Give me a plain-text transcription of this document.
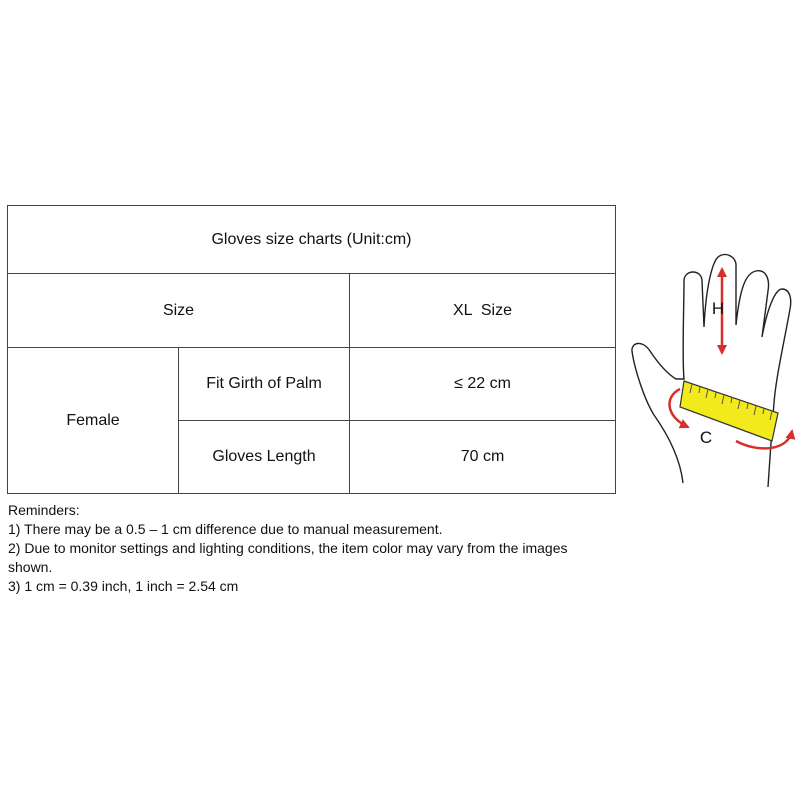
Gloves size charts (Unit:cm)		
Size		XL  Size
Female	Fit Girth of Palm	≤ 22 cm
	Gloves Length	70 cm
Reminders:
1) There may be a 0.5 – 1 cm difference due to manual measurement.
2) Due to monitor settings and lighting conditions, the item color may vary from the images shown.
3) 1 cm = 0.39 inch, 1 inch = 2.54 cm
H
C
